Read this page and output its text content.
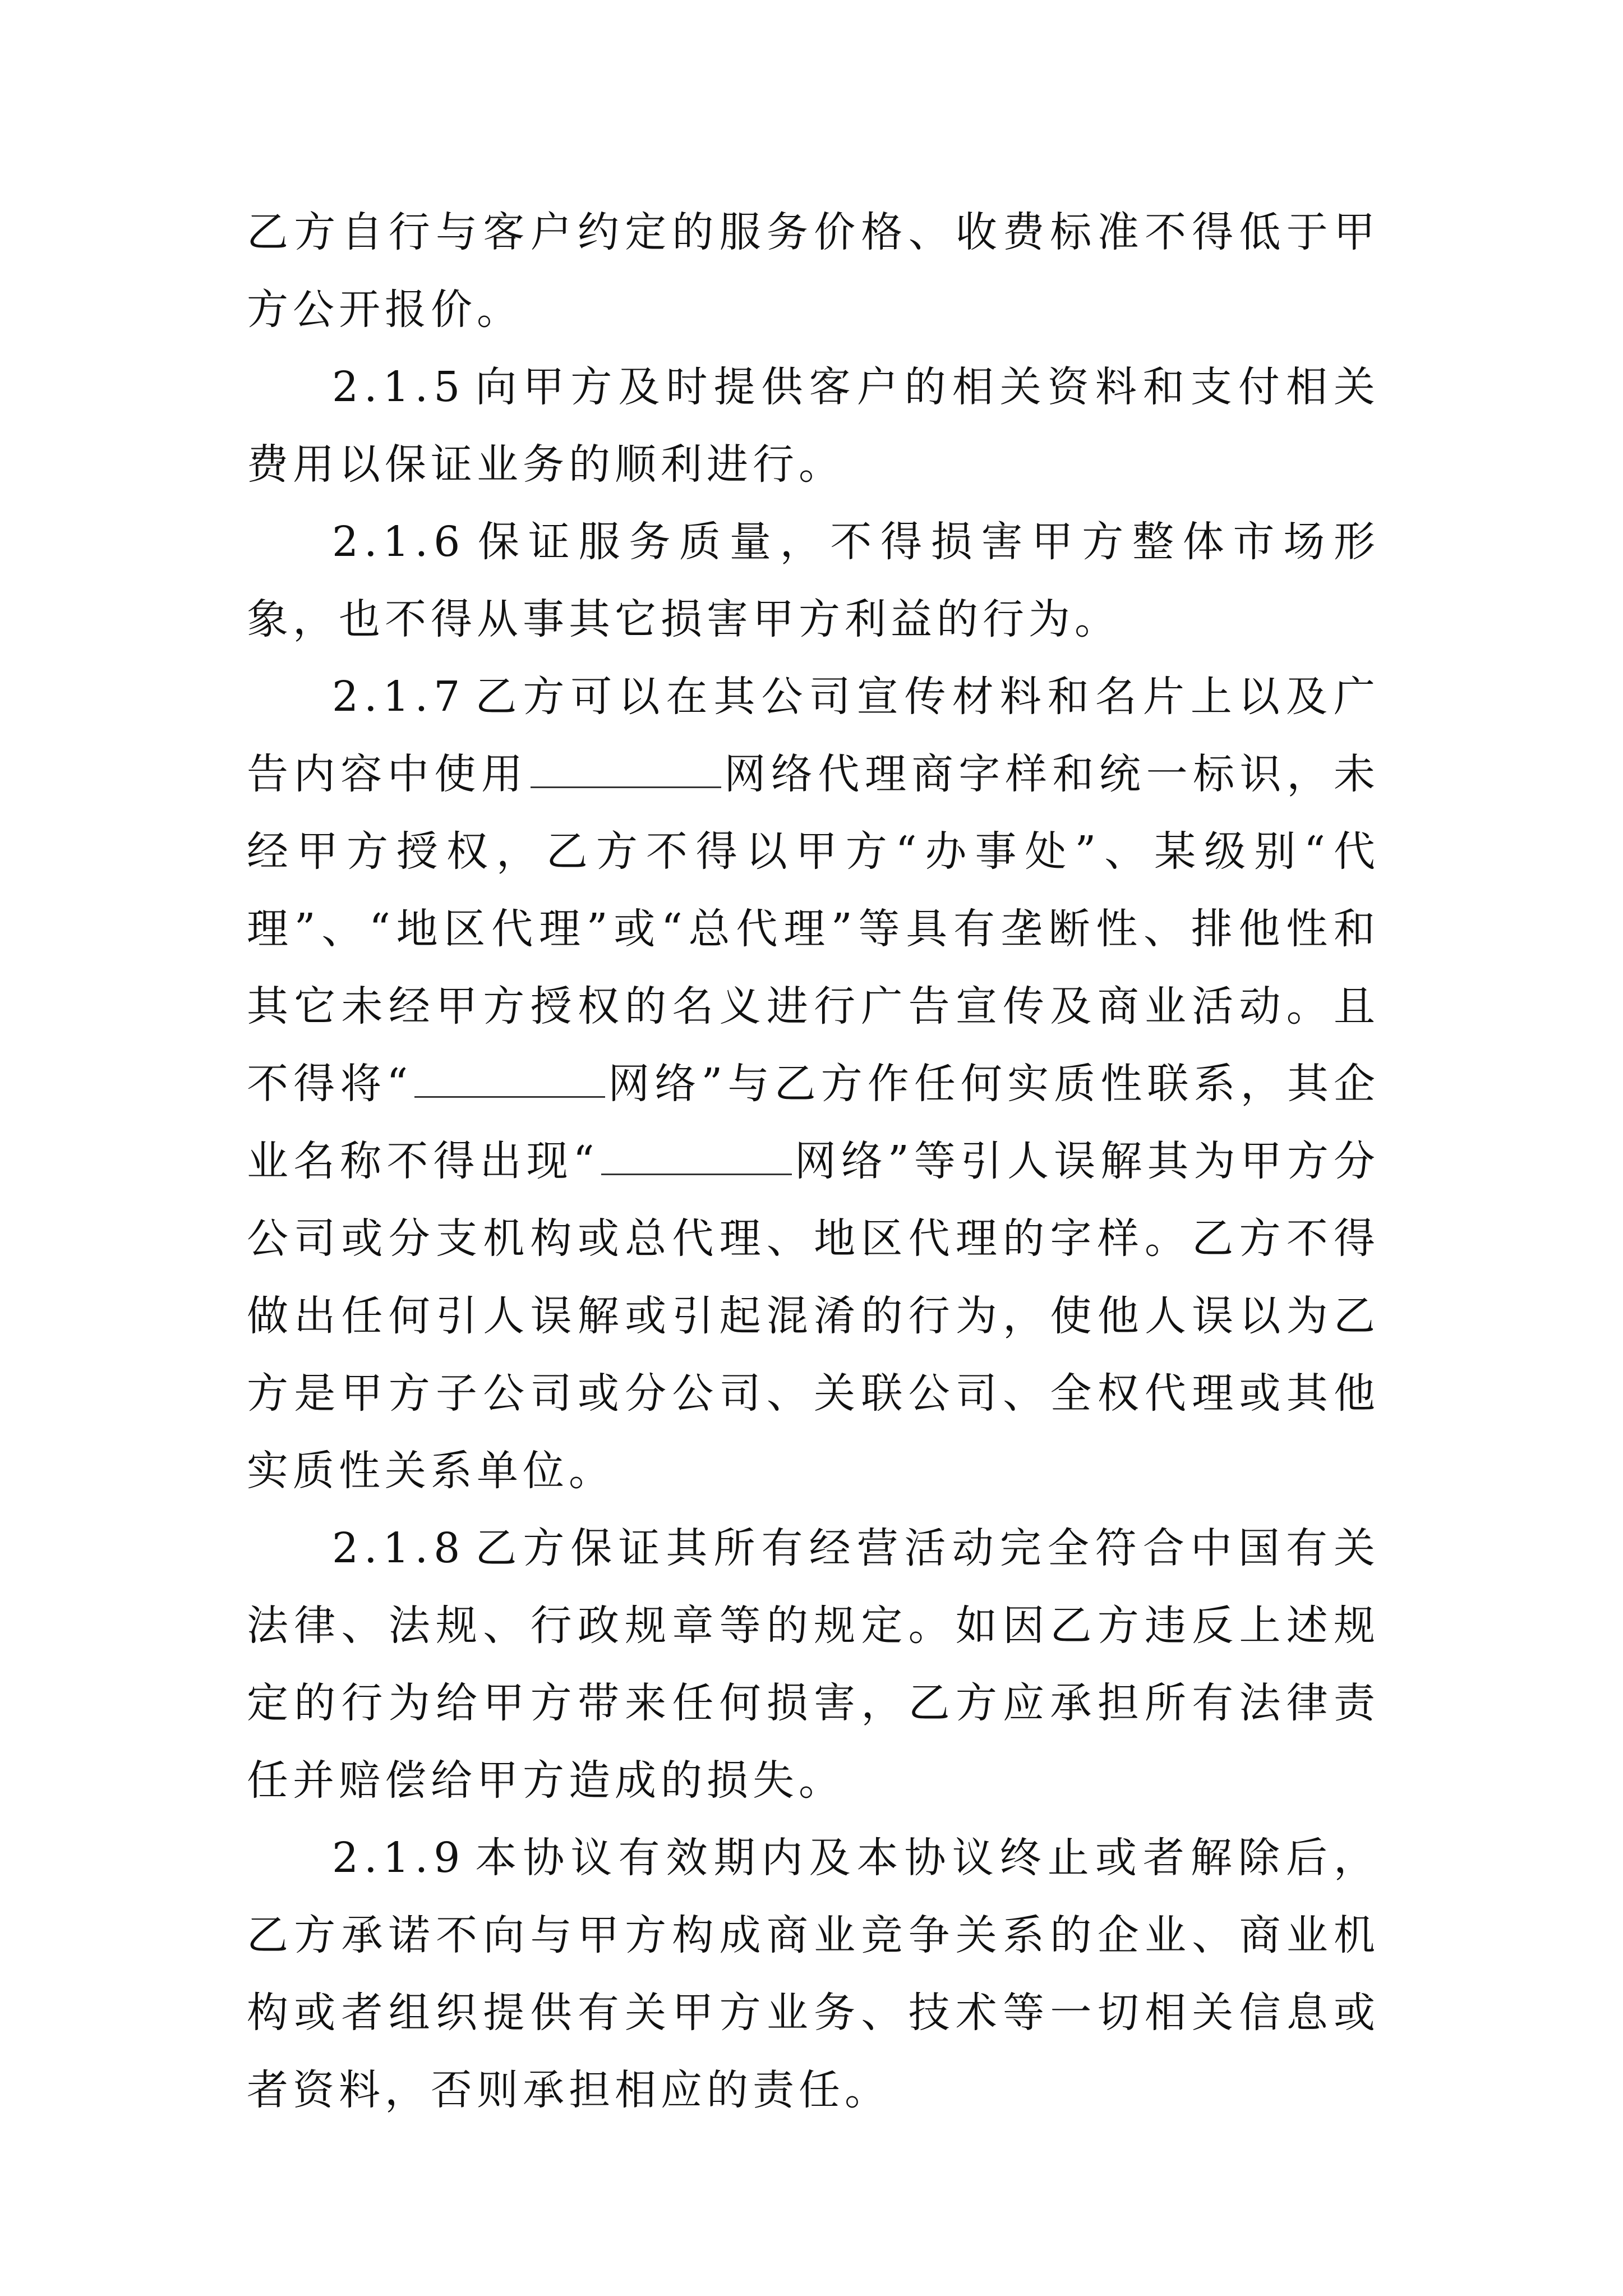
乙方自行与客户约定的服务价格、收费标准不得低于甲方公开报价。

2.1.5 向甲方及时提供客户的相关资料和支付相关费用以保证业务的顺利进行。

2.1.6 保证服务质量，不得损害甲方整体市场形象，也不得从事其它损害甲方利益的行为。

2.1.7 乙方可以在其公司宣传材料和名片上以及广告内容中使用	网络代理商字样和统一标识，未经甲方授权，乙方不得以甲方“办事处”、某级别“代理”、“地区代理”或“总代理”等具有垄断性、排他性和其它未经甲方授权的名义进行广告宣传及商业活动。且不得将“	网络”与乙方作任何实质性联系，其企业名称不得出现“	网络”等引人误解其为甲方分公司或分支机构或总代理、地区代理的字样。乙方不得做出任何引人误解或引起混淆的行为，使他人误以为乙方是甲方子公司或分公司、关联公司、全权代理或其他实质性关系单位。

2.1.8 乙方保证其所有经营活动完全符合中国有关法律、法规、行政规章等的规定。如因乙方违反上述规定的行为给甲方带来任何损害，乙方应承担所有法律责任并赔偿给甲方造成的损失。

2.1.9 本协议有效期内及本协议终止或者解除后，乙方承诺不向与甲方构成商业竞争关系的企业、商业机构或者组织提供有关甲方业务、技术等一切相关信息或者资料，否则承担相应的责任。
